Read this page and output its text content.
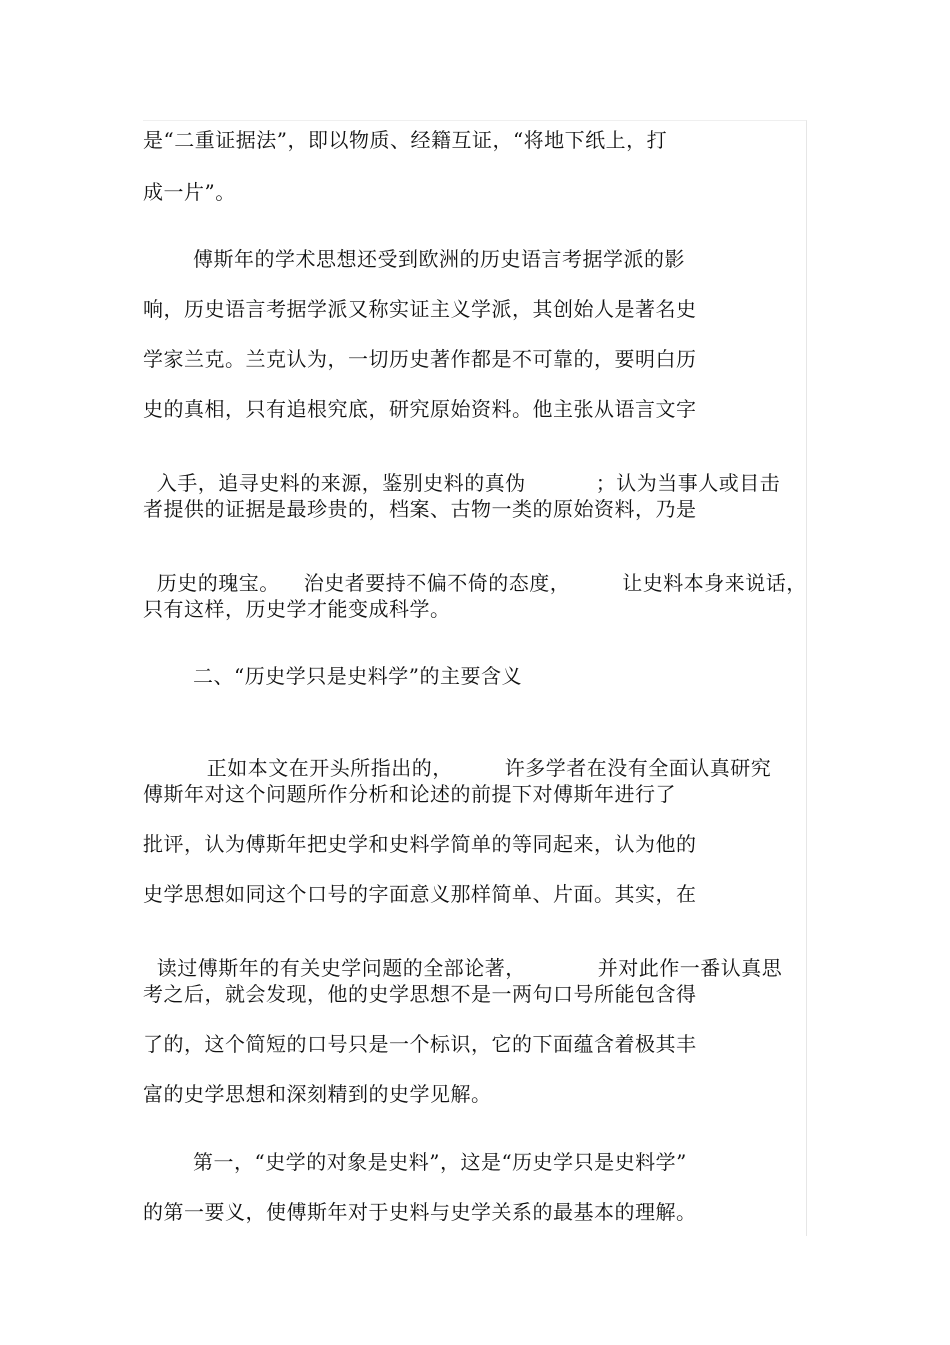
是“二重证据法”，即以物质、经籍互证，“将地下纸上，打
成一片”。
傅斯年的学术思想还受到欧洲的历史语言考据学派的影
响，历史语言考据学派又称实证主义学派，其创始人是著名史
学家兰克。兰克认为，一切历史著作都是不可靠的，要明白历
史的真相，只有追根究底，研究原始资料。他主张从语言文字

入手，追寻史料的来源，鉴别史料的真伪	；认为当事人或目击

者提供的证据是最珍贵的，档案、古物一类的原始资料，乃是

历史的瑰宝。 治史者要持不偏不倚的态度，	让史料本身来说话，

只有这样，历史学才能变成科学。
二、“历史学只是史料学”的主要含义

正如本文在开头所指出的，	许多学者在没有全面认真研究

傅斯年对这个问题所作分析和论述的前提下对傅斯年进行了
批评，认为傅斯年把史学和史料学简单的等同起来，认为他的
史学思想如同这个口号的字面意义那样简单、片面。其实，在

读过傅斯年的有关史学问题的全部论著，	并对此作一番认真思

考之后，就会发现，他的史学思想不是一两句口号所能包含得
了的，这个简短的口号只是一个标识，它的下面蕴含着极其丰
富的史学思想和深刻精到的史学见解。
第一，“史学的对象是史料”，这是“历史学只是史料学”
的第一要义，使傅斯年对于史料与史学关系的最基本的理解。
